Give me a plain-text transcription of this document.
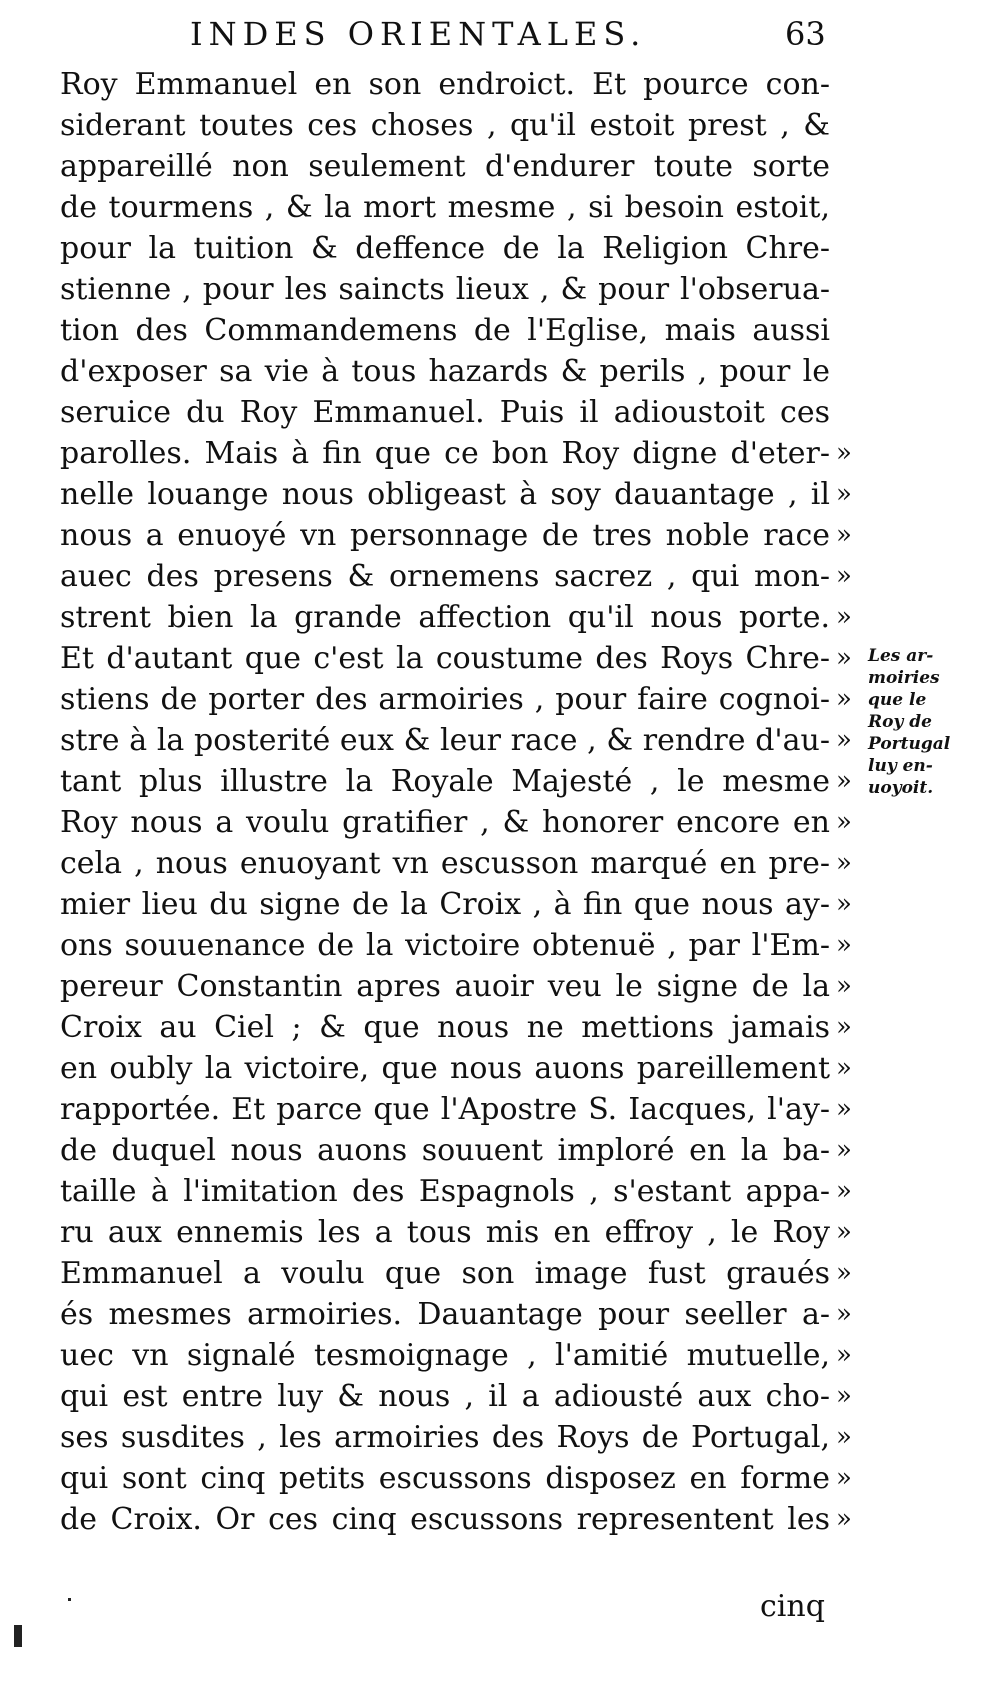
INDES ORIENTALES.	63
Roy Emmanuel en son endroict. Et pource con-
siderant toutes ces choses , qu'il estoit prest , &
appareillé non seulement d'endurer toute sorte
de tourmens , & la mort mesme , si besoin estoit,
pour la tuition & deffence de la Religion Chre-
stienne , pour les saincts lieux , & pour l'obserua-
tion des Commandemens de l'Eglise, mais aussi
d'exposer sa vie à tous hazards & perils , pour le
seruice du Roy Emmanuel. Puis il adioustoit ces
parolles. Mais à fin que ce bon Roy digne d'eter-
nelle louange nous obligeast à soy dauantage , il
nous a enuoyé vn personnage de tres noble race
auec des presens & ornemens sacrez , qui mon-
strent bien la grande affection qu'il nous porte.
Et d'autant que c'est la coustume des Roys Chre-
stiens de porter des armoiries , pour faire cognoi-
stre à la posterité eux & leur race , & rendre d'au-
tant plus illustre la Royale Majesté , le mesme
Roy nous a voulu gratifier , & honorer encore en
cela , nous enuoyant vn escusson marqué en pre-
mier lieu du signe de la Croix , à fin que nous ay-
ons souuenance de la victoire obtenuë , par l'Em-
pereur Constantin apres auoir veu le signe de la
Croix au Ciel ; & que nous ne mettions jamais
en oubly la victoire, que nous auons pareillement
rapportée. Et parce que l'Apostre S. Iacques, l'ay-
de duquel nous auons souuent imploré en la ba-
taille à l'imitation des Espagnols , s'estant appa-
ru aux ennemis les a tous mis en effroy , le Roy
Emmanuel a voulu que son image fust graués
és mesmes armoiries. Dauantage pour seeller a-
uec vn signalé tesmoignage , l'amitié mutuelle,
qui est entre luy & nous , il a adiousté aux cho-
ses susdites , les armoiries des Roys de Portugal,
qui sont cinq petits escussons disposez en forme
de Croix. Or ces cinq escussons representent les
»
»
»
»
»
»
»
»
»
»
»
»
»
»
»
»
»
»
»
»
»
»
»
»
»
»
»
Les ar-
moiries
que le
Roy de
Portugal
luy en-
uoyoit.
cinq
